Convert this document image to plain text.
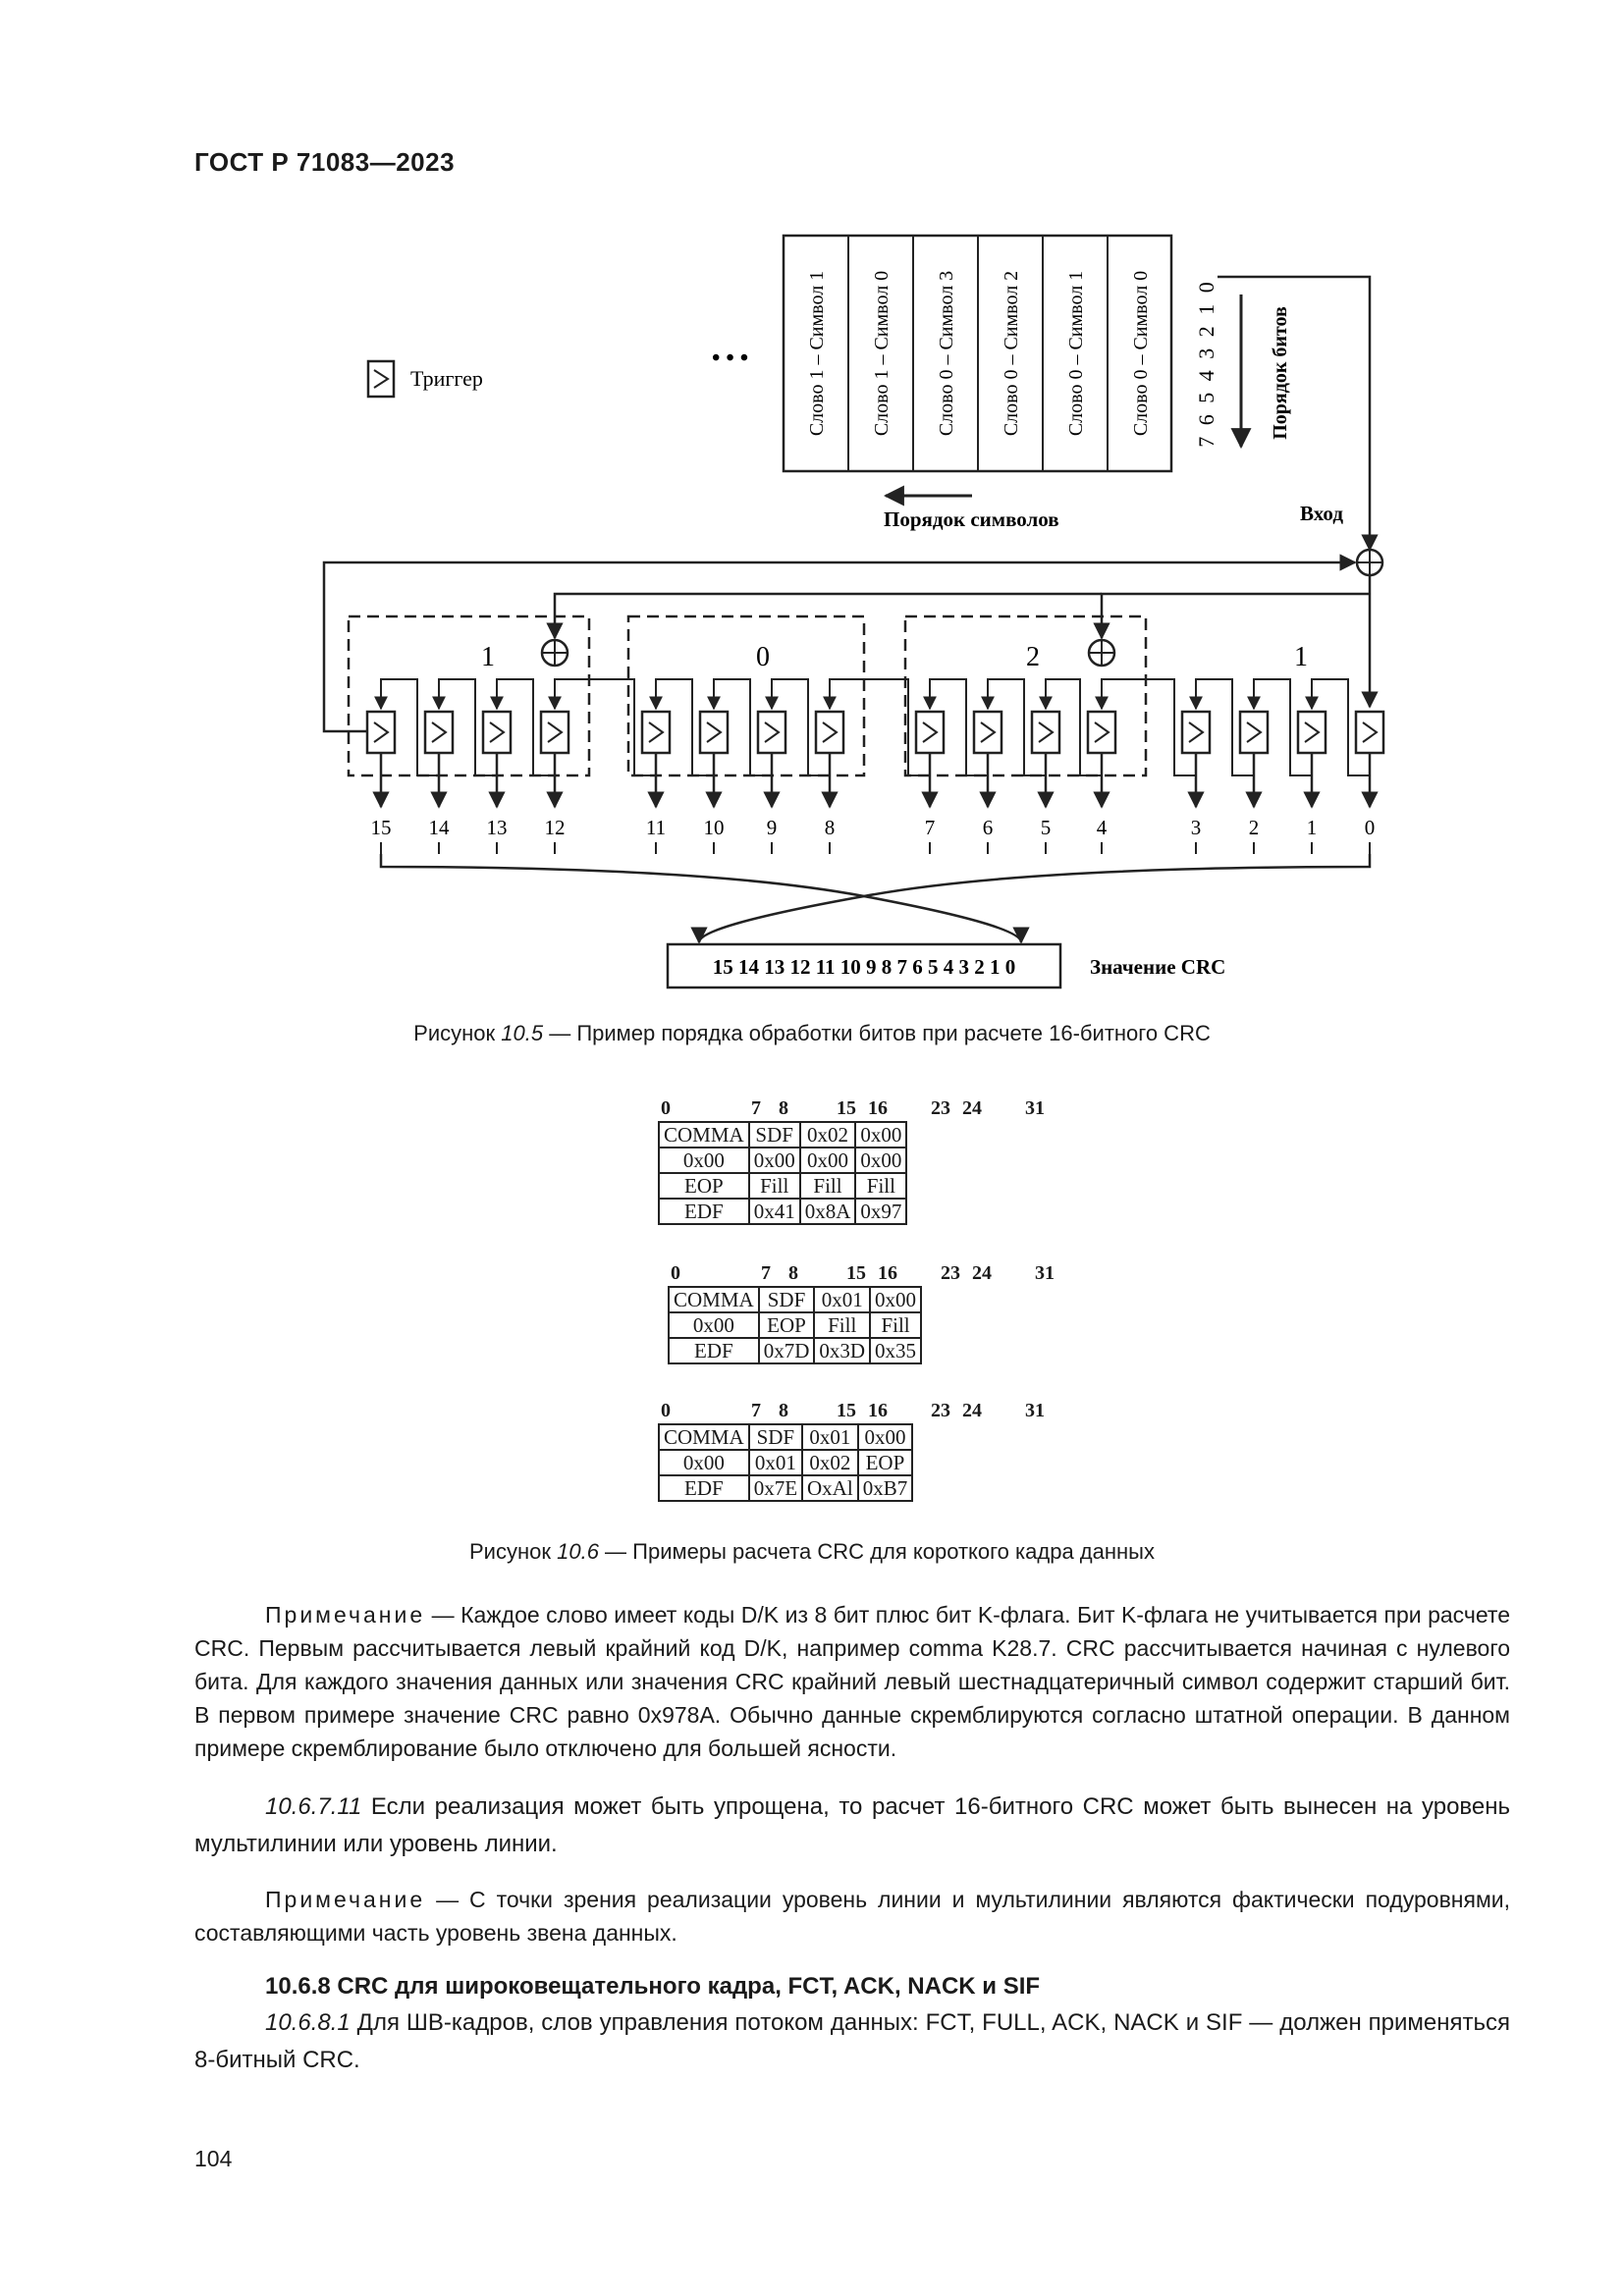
ГОСТ Р 71083—2023
Триггер
• • •	Слово 1 – Символ 1 Слово 1 – Символ 0 Слово 0 – Символ 3 Слово 0 – Символ 2 Слово 0 – Символ 1 Слово 0 – Символ 0 7 6 5 4 3 2 1 0	Порядок битов
Порядок символов	Вход
1	0	2	1
15 14 13 12	11 10 9 8	7 6 5 4	3 2 1 0
15 14 13 12 11 10 9 8 7 6 5 4 3 2 1 0	Значение CRC
Рисунок 10.5 — Пример порядка обработки битов при расчете 16-битного CRC
0	7 8 15 16 23 24 31
COMMA	SDF	0x02	0x00
0x00	0x00	0x00	0x00
EOP	Fill	Fill	Fill
EDF	0x41	0x8A	0x97
0	7 8 15 16 23 24 31
COMMA	SDF	0x01	0x00
0x00	EOP	Fill	Fill
EDF	0x7D	0x3D	0x35
0	7 8 15 16 23 24 31
COMMA	SDF	0x01	0x00
0x00	0x01	0x02	EOP
EDF	0x7E	OxAl	0xB7
Рисунок 10.6 — Примеры расчета CRC для короткого кадра данных
Примечание — Каждое слово имеет коды D/K из 8 бит плюс бит K-флага. Бит K-флага не учитывается при расчете CRC. Первым рассчитывается левый крайний код D/K, например comma K28.7. CRC рассчитывается начиная с нулевого бита. Для каждого значения данных или значения CRC крайний левый шестнадцатеричный символ содержит старший бит. В первом примере значение CRC равно 0x978A. Обычно данные скремблируются согласно штатной операции. В данном примере скремблирование было отключено для большей ясности.
10.6.7.11 Если реализация может быть упрощена, то расчет 16-битного CRC может быть вынесен на уровень мультилинии или уровень линии.
Примечание — С точки зрения реализации уровень линии и мультилинии являются фактически подуровнями, составляющими часть уровень звена данных.
10.6.8 CRC для широковещательного кадра, FCT, ACK, NACK и SIF
10.6.8.1 Для ШВ-кадров, слов управления потоком данных: FCT, FULL, ACK, NACK и SIF — должен применяться 8-битный CRC.
104
